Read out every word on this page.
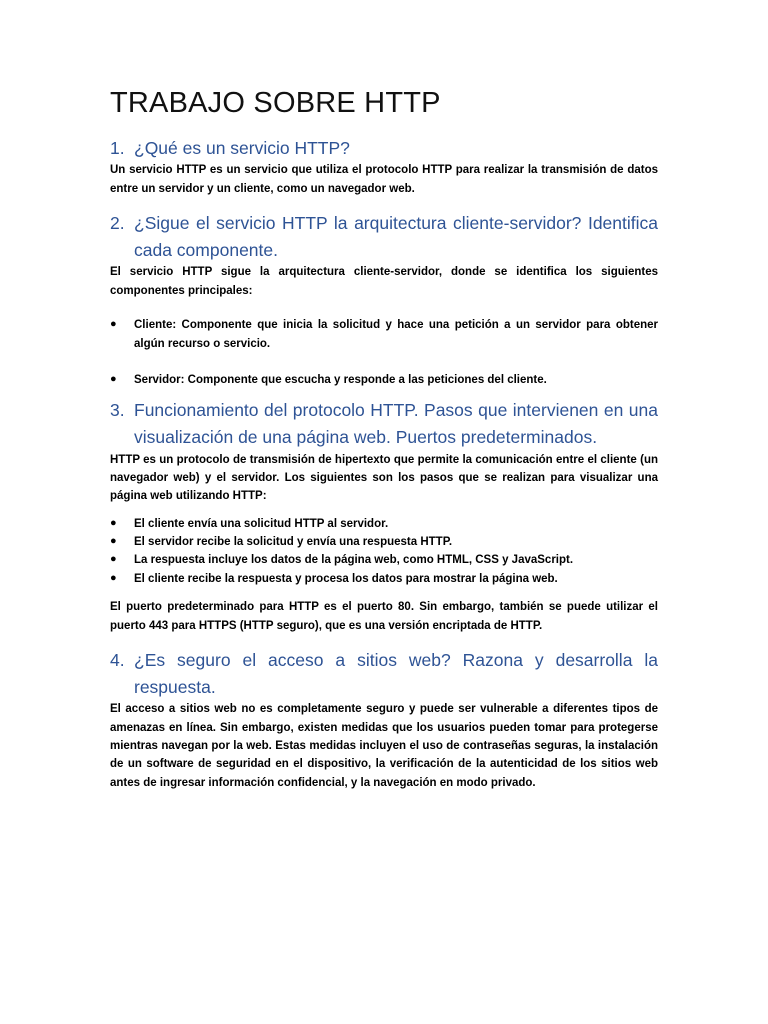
TRABAJO SOBRE HTTP
1. ¿Qué es un servicio HTTP?

Un servicio HTTP es un servicio que utiliza el protocolo HTTP para realizar la transmisión de datos entre un servidor y un cliente, como un navegador web.

2. ¿Sigue el servicio HTTP la arquitectura cliente-servidor? Identifica cada componente.

El servicio HTTP sigue la arquitectura cliente-servidor, donde se identifica los siguientes componentes principales:

●	Cliente: Componente que inicia la solicitud y hace una petición a un servidor para obtener algún recurso o servicio.
●	Servidor: Componente que escucha y responde a las peticiones del cliente.
3. Funcionamiento del protocolo HTTP. Pasos que intervienen en una visualización de una página web. Puertos predeterminados.

HTTP es un protocolo de transmisión de hipertexto que permite la comunicación entre el cliente (un navegador web) y el servidor. Los siguientes son los pasos que se realizan para visualizar una página web utilizando HTTP:

●	El cliente envía una solicitud HTTP al servidor.
●	El servidor recibe la solicitud y envía una respuesta HTTP.
●	La respuesta incluye los datos de la página web, como HTML, CSS y JavaScript.
●	El cliente recibe la respuesta y procesa los datos para mostrar la página web.

El puerto predeterminado para HTTP es el puerto 80. Sin embargo, también se puede utilizar el puerto 443 para HTTPS (HTTP seguro), que es una versión encriptada de HTTP.

4. ¿Es seguro el acceso a sitios web? Razona y desarrolla la respuesta.

El acceso a sitios web no es completamente seguro y puede ser vulnerable a diferentes tipos de amenazas en línea. Sin embargo, existen medidas que los usuarios pueden tomar para protegerse mientras navegan por la web. Estas medidas incluyen el uso de contraseñas seguras, la instalación de un software de seguridad en el dispositivo, la verificación de la autenticidad de los sitios web antes de ingresar información confidencial, y la navegación en modo privado.
